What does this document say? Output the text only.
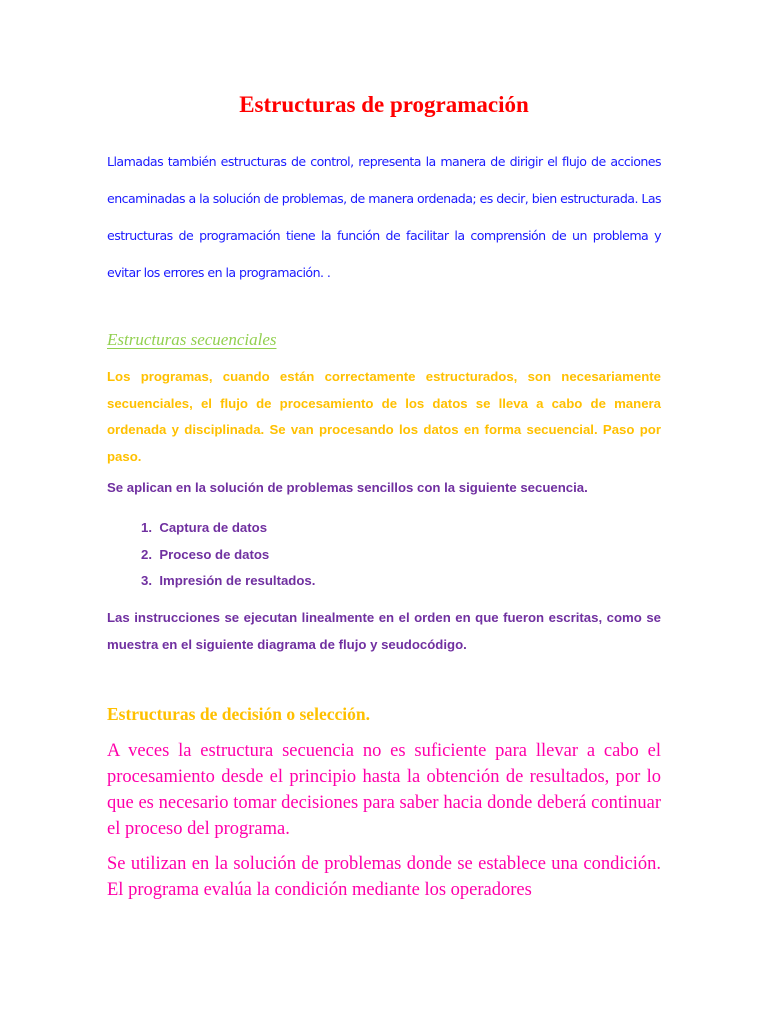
Estructuras de programación

Llamadas también estructuras de control, representa la manera de dirigir el flujo de acciones encaminadas a la solución de problemas, de manera ordenada; es decir, bien estructurada. Las estructuras de programación tiene la función de facilitar la comprensión de un problema y evitar los errores en la programación. .

Estructuras secuenciales

Los programas, cuando están correctamente estructurados, son necesariamente secuenciales, el flujo de procesamiento de los datos se lleva a cabo de manera ordenada y disciplinada. Se van procesando los datos en forma secuencial. Paso por paso.

Se aplican en la solución de problemas sencillos con la siguiente secuencia.

1.
Captura de datos
2.
Proceso de datos
3.
Impresión de resultados.

Las instrucciones se ejecutan linealmente en el orden en que fueron escritas, como se muestra en el siguiente diagrama de flujo y seudocódigo.

Estructuras de decisión o selección.

A veces la estructura secuencia no es suficiente para llevar a cabo el procesamiento desde el principio hasta la obtención de resultados, por lo que es necesario tomar decisiones para saber hacia donde deberá continuar el proceso del programa.

Se utilizan en la solución de problemas donde se establece una condición. El programa evalúa la condición mediante los operadores
